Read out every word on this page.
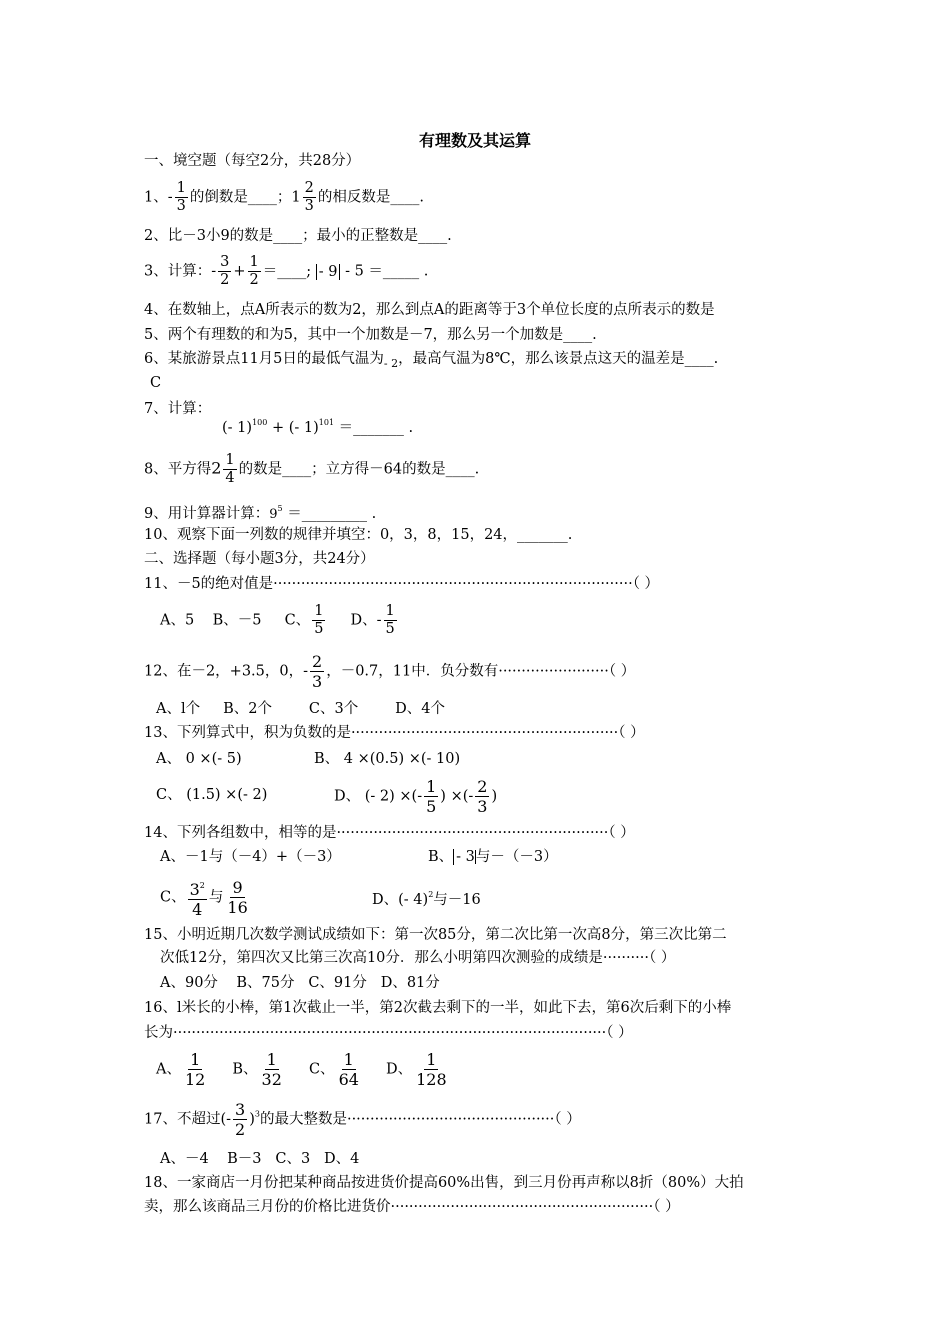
有理数及其运算
一、境空题（每空2分，共28分）
1、- $\frac{1}{3}$ 的倒数是____；$1 \frac{2}{3}$ 的相反数是____.
2、比－3小9的数是____；最小的正整数是____.
3、计算：- $\frac{3}{2} + \frac{1}{2}$ ＝____; - 9 - 5 ＝_____ .
4、在数轴上，点A所表示的数为2，那么到点A的距离等于3个单位长度的点所表示的数是
5、两个有理数的和为5，其中一个加数是－7，那么另一个加数是____.
6、某旅游景点11月5日的最低气温为$_{- 2}$，最高气温为8℃，那么该景点这天的温差是____.
C
7、计算：
(- 1)$^{100}$ + (- 1)$^{101}$ ＝_______ .
8、平方得$2 \frac{1}{4}$ 的数是____；立方得－64的数是____.
9、用计算器计算：$9^5$ ＝_________ .
10、观察下面一列数的规律并填空：0，3，8，15，24，_______.
二、选择题（每小题3分，共24分）
11、－5的绝对值是··············································································（ ）
A、5 B、－5 C、 $\frac{1}{5}$ D、- $\frac{1}{5}$
12、在－2，+3.5，0，- $\frac{2}{3}$ ，－0.7，11中．负分数有························（ ）
A、l个 B、2个	C、3个	D、4个
13、下列算式中，积为负数的是··························································（ ）
A、 0 ×(- 5)	B、 4 ×(0.5) ×(- 10)
C、 (1.5) ×(- 2)	D、 (- 2) ×(- $\frac{1}{5}$ ) ×(- $\frac{2}{3}$ )
14、下列各组数中，相等的是···························································（ ）
A、－1与（－4）+（－3）	B、 - 3与－（－3）
C、 $\frac{3^2}{4}$ 与 $\frac{9}{16}$	D、(- 4)$^2$与－16
15、小明近期几次数学测试成绩如下：第一次85分，第二次比第一次高8分，第三次比第二
次低12分，第四次又比第三次高10分．那么小明第四次测验的成绩是··········（ ）
A、90分 B、75分 C、91分 D、81分
16、l米长的小棒，第1次截止一半，第2次截去剩下的一半，如此下去，第6次后剩下的小棒
长为······························································································（ ）
A、 $\frac{1}{12}$ B、 $\frac{1}{32}$ C、 $\frac{1}{64}$ D、 $\frac{1}{128}$
17、不超过(- $\frac{3}{2} )^3$的最大整数是·············································（ ）
A、－4 B－3 C、3 D、4
18、一家商店一月份把某种商品按进货价提高60%出售，到三月份再声称以8折（80%）大拍
卖，那么该商品三月份的价格比进货价·························································（ ）
